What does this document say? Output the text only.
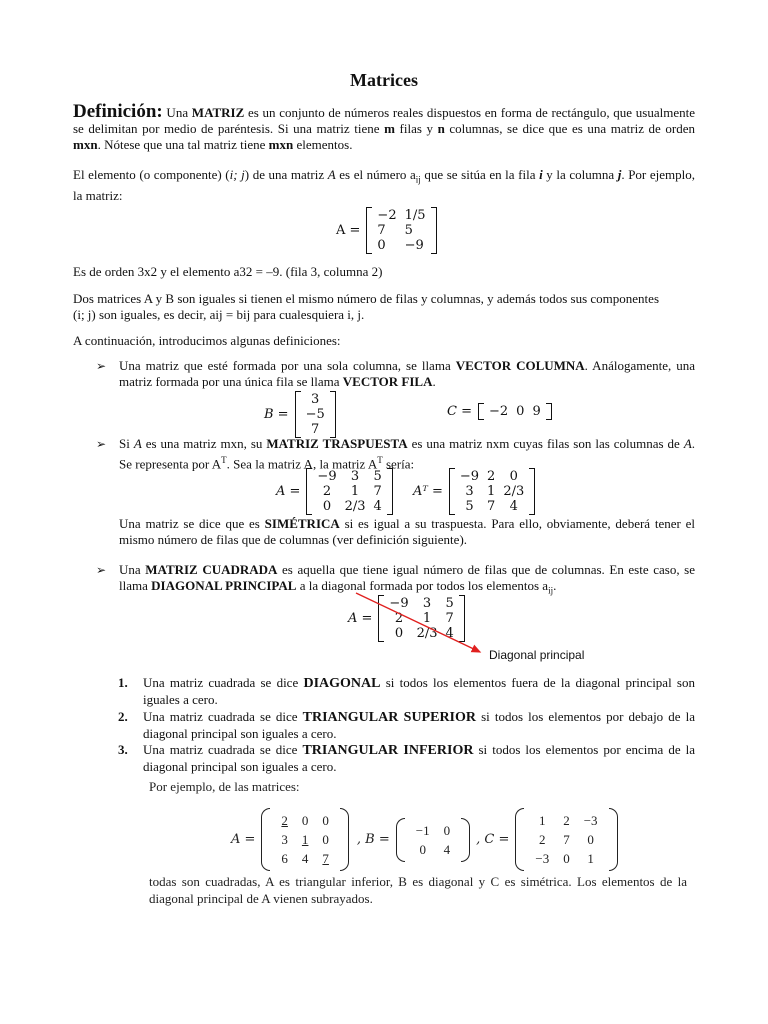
Matrices
Definición: Una MATRIZ es un conjunto de números reales dispuestos en forma de rectángulo, que usualmente se delimitan por medio de paréntesis. Si una matriz tiene m filas y n columnas, se dice que es una matriz de orden mxn. Nótese que una tal matriz tiene mxn elementos.
El elemento (o componente) (i; j) de una matriz A es el número $a_{ij}$ que se sitúa en la fila i y la columna j. Por ejemplo, la matriz:
A =
−2	1/5
7	5
0	−9
Es de orden 3x2 y el elemento a32 = –9. (fila 3, columna 2)

Dos matrices A y B son iguales si tienen el mismo número de filas y columnas, y además todos sus componentes

(i; j) son iguales, es decir, aij = bij para cualesquiera i, j.

A continuación, introducimos algunas definiciones:
➢ Una matriz que esté formada por una sola columna, se llama VECTOR COLUMNA. Análogamente, una matriz formada por una única fila se llama VECTOR FILA.
B =
3
−5
7
C = −2	0	9
➢ Si A es una matriz mxn, su MATRIZ TRASPUESTA es una matriz nxm cuyas filas son las columnas de A. Se representa por $A^T$. Sea la matriz A, la matriz $A^T$ sería:
A =
−9	3	5
2	1	7
0	2/3	4
Aᵀ =
−9	2	0
3	1	2/3
5	7	4
Una matriz se dice que es SIMÉTRICA si es igual a su traspuesta. Para ello, obviamente, deberá tener el mismo número de filas que de columnas (ver definición siguiente).
➢ Una MATRIZ CUADRADA es aquella que tiene igual número de filas que de columnas. En este caso, se llama DIAGONAL PRINCIPAL a la diagonal formada por todos los elementos $a_{ij}$.
A =
−9	3	5
2	1	7
0	2/3	4
Diagonal principal
1. Una matriz cuadrada se dice DIAGONAL si todos los elementos fuera de la diagonal principal son iguales a cero.
2. Una matriz cuadrada se dice TRIANGULAR SUPERIOR si todos los elementos por debajo de la diagonal principal son iguales a cero.
3. Una matriz cuadrada se dice TRIANGULAR INFERIOR si todos los elementos por encima de la diagonal principal son iguales a cero.
Por ejemplo, de las matrices:
A =
2	0	0
3	1	0
6	4	7
, B =
−1	0
0	4
, C =
1	2	−3
2	7	0
−3	0	1
todas son cuadradas, A es triangular inferior, B es diagonal y C es simétrica. Los elementos de la diagonal principal de A vienen subrayados.
